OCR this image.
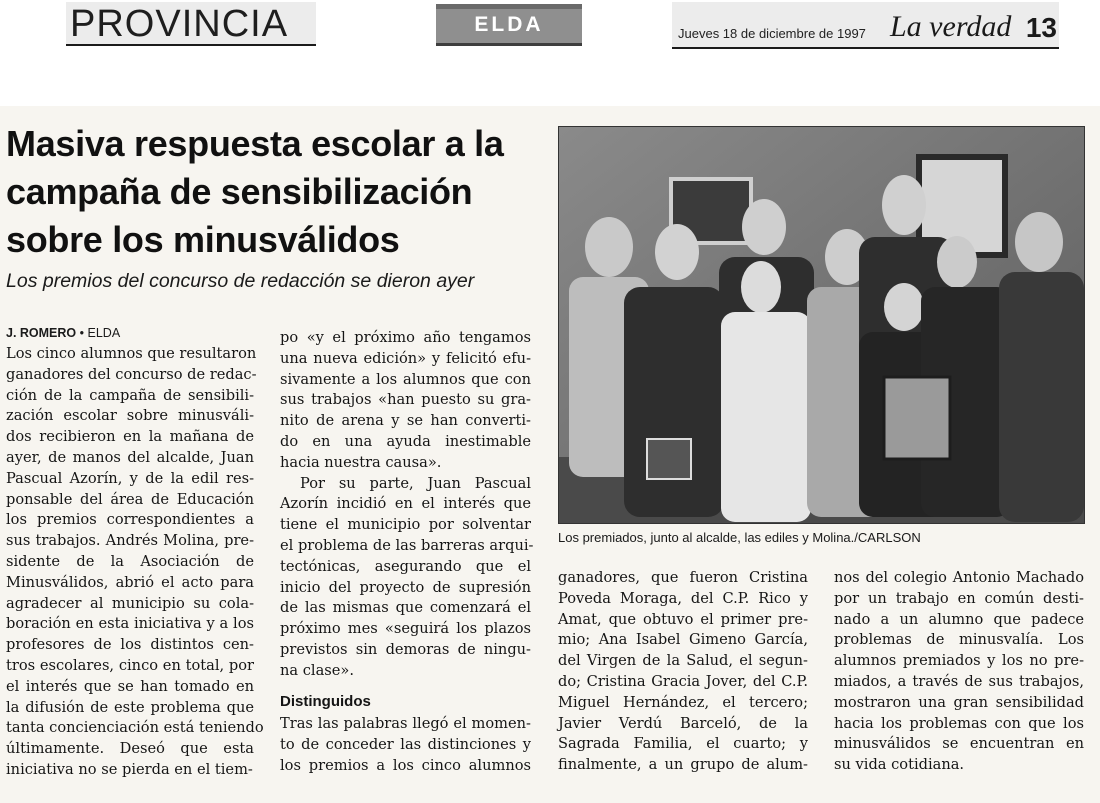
PROVINCIA	ELDA	Jueves 18 de diciembre de 1997 La verdad 13
Masiva respuesta escolar a la campaña de sensibilización sobre los minusválidos

Los premios del concurso de redacción se dieron ayer

J. ROMERO • ELDA
Los cinco alumnos que resultaron
ganadores del concurso de redac-
ción de la campaña de sensibili-
zación escolar sobre minusváli-
dos recibieron en la mañana de
ayer, de manos del alcalde, Juan
Pascual Azorín, y de la edil res-
ponsable del área de Educación
los premios correspondientes a
sus trabajos. Andrés Molina, pre-
sidente de la Asociación de
Minusválidos, abrió el acto para
agradecer al municipio su cola-
boración en esta iniciativa y a los
profesores de los distintos cen-
tros escolares, cinco en total, por
el interés que se han tomado en
la difusión de este problema que
tanta concienciación está teniendo
últimamente. Deseó que esta
iniciativa no se pierda en el tiem-
po «y el próximo año tengamos
una nueva edición» y felicitó efu-
sivamente a los alumnos que con
sus trabajos «han puesto su gra-
nito de arena y se han converti-
do en una ayuda inestimable
hacia nuestra causa».
Por su parte, Juan Pascual
Azorín incidió en el interés que
tiene el municipio por solventar
el problema de las barreras arqui-
tectónicas, asegurando que el
inicio del proyecto de supresión
de las mismas que comenzará el
próximo mes «seguirá los plazos
previstos sin demoras de ningu-
na clase».
Distinguidos
Tras las palabras llegó el momen-
to de conceder las distinciones y
los premios a los cinco alumnos
Los premiados, junto al alcalde, las ediles y Molina./CARLSON
ganadores, que fueron Cristina
Poveda Moraga, del C.P. Rico y
Amat, que obtuvo el primer pre-
mio; Ana Isabel Gimeno García,
del Virgen de la Salud, el segun-
do; Cristina Gracia Jover, del C.P.
Miguel Hernández, el tercero;
Javier Verdú Barceló, de la
Sagrada Familia, el cuarto; y
finalmente, a un grupo de alum-
nos del colegio Antonio Machado
por un trabajo en común desti-
nado a un alumno que padece
problemas de minusvalía. Los
alumnos premiados y los no pre-
miados, a través de sus trabajos,
mostraron una gran sensibilidad
hacia los problemas con que los
minusválidos se encuentran en
su vida cotidiana.
